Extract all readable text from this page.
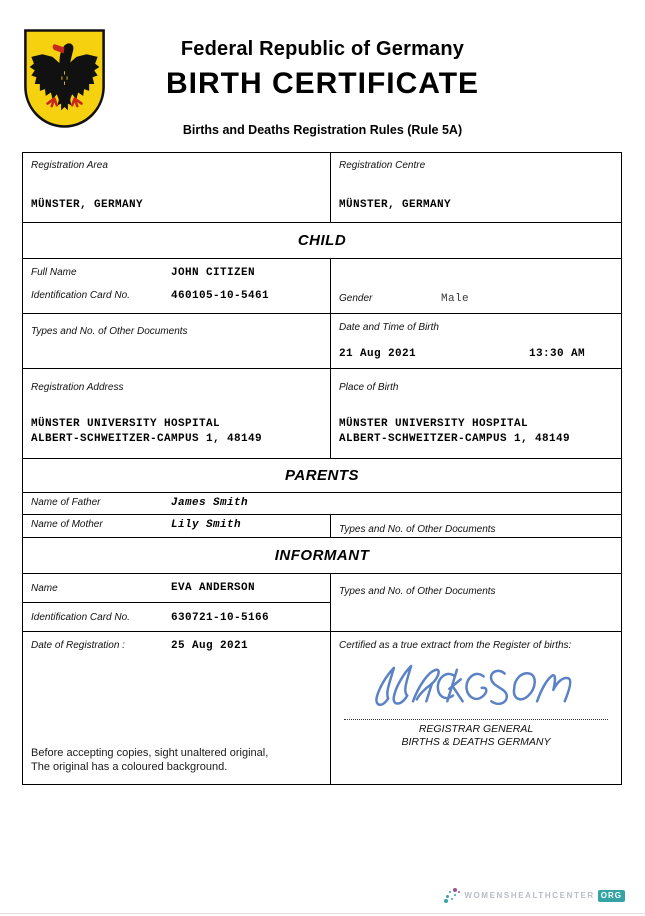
Federal Republic of Germany
BIRTH CERTIFICATE
Births and Deaths Registration Rules (Rule 5A)
Registration Area
MÜNSTER, GERMANY
Registration Centre
MÜNSTER, GERMANY
CHILD
Full Name	JOHN CITIZEN
Identification Card No.	460105-10-5461	Gender	Male
Types and No. of Other Documents	Date and Time of Birth
21 Aug 2021	13:30 AM
Registration Address
MÜNSTER UNIVERSITY HOSPITAL
ALBERT-SCHWEITZER-CAMPUS 1, 48149
Place of Birth
MÜNSTER UNIVERSITY HOSPITAL
ALBERT-SCHWEITZER-CAMPUS 1, 48149
PARENTS
Name of Father	James Smith
Name of Mother	Lily Smith	Types and No. of Other Documents
INFORMANT
Name	EVA ANDERSON
Identification Card No.	630721-10-5166
Types and No. of Other Documents
Date of Registration :	25 Aug 2021
Before accepting copies, sight unaltered original,
The original has a coloured background.
Certified as a true extract from the Register of births:
REGISTRAR GENERAL
BIRTHS & DEATHS GERMANY
WOMENSHEALTHCENTER ORG
